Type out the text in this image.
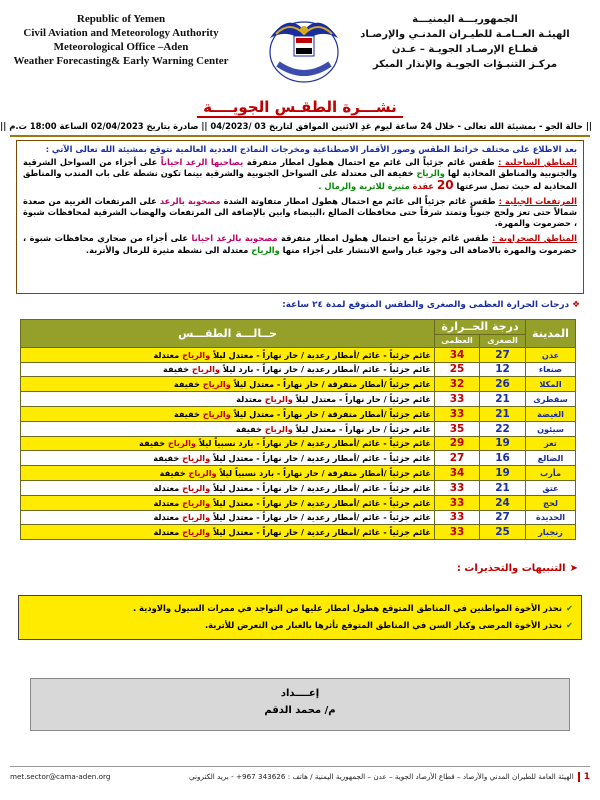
Republic of Yemen
Civil Aviation and Meteorology Authority
Meteorological Office –Aden
Weather Forecasting& Early Warning Center
الجمهوريـــة اليمنيـــة
الهيئـة العــامـة للطيـران المدنـي والإرصـاد
قطـاع الإرصـاد الجويـة – عـدن
مركـز التنبـؤات الجويـة والإنذار المبكر
نشـــرة الطقـس الجويــــة
|| حالة الجو - بمشيئة الله تعالى - خلال 24 ساعة ليوم غدِ الاثنين الموافق لتاريخ 03 /04/2023 || صادرة بتاريخ 02/04/2023 الساعة 18:00 ت.م ||
بعد الاطلاع على مختلف خرائط الطقس وصور الأقمار الاصطناعية ومخرجات النماذج العددية العالمية نتوقع بمشيئة الله تعالى الآتي :

المناطق الساحلية : طقس غائم جزئياً الى غائم مع احتمال هطول امطار متفرقة يصاحبها الرعد احياناً على أجزاء من السواحل الشرقية والجنوبية والمناطق المحاذية لها والرياح خفيفة الى معتدلة على السواحل الجنوبية والشرقية بينما تكون نشطة على باب المندب والمناطق المحاذية له حيث تصل سرعتها 20 عقدة مثيرة للاتربة والرمال .

المرتفعات الجبلية : طقس غائم جزئياً الى غائم مع احتمال هطول امطار متفاوتة الشدة مصحوبة بالرعد على المرتفعات الغربية من صعدة شمالاً حتى تعز ولحج جنوباً وتمتد شرقاً حتى محافظات الضالع ،البيضاء وابين بالإضافة الى المرتفعات والهضاب الشرقية لمحافظات شبوة ، حضرموت والمهرة.

المناطق الصحراوية : طقس غائم جزئياً مع احتمال هطول امطار متفرقة مصحوبة بالرعد احيانا على أجزاء من صحاري محافظات شبوة ، حضرموت والمهرة بالاضافة الى وجود غبار واسع الانتشار على أجزاء منها والرياح معتدلة الى نشطة مثيرة للرمال والأتربة.

❖درجات الحرارة العظمى والصغرى والطقس المتوقع لمدة ٢٤ ساعة:
المدينة	درجة الحــرارة		حــالـــة الطقـــس
	الصغرى	العظمى	
عدن	27	34	غائم جزئياً - غائم /أمطار رعدية / حار نهاراً - معتدل ليلاً والرياح معتدلة
صنعاء	12	25	غائم جزئياً - غائم /أمطار رعدية / حار نهاراً - بارد ليلاً والرياح خفيفة
المكلا	26	32	غائم جزئياً /أمطار متفرقة / حار نهاراً - معتدل ليلاً والرياح خفيفة
سقطرى	21	33	غائم جزئياً / حار نهاراً - معتدل ليلاً والرياح معتدلة
الغيضة	21	33	غائم جزئياً /أمطار متفرقة / حار نهاراً - معتدل ليلاً والرياح خفيفة
سيئون	22	35	غائم جزئياً / حار نهاراً - معتدل ليلاً والرياح خفيفة
تعز	19	29	غائم جزئياً - غائم /أمطار رعدية / حار نهاراً - بارد نسبياً ليلاً والرياح خفيفة
الضالع	16	27	غائم جزئياً - غائم /أمطار رعدية / حار نهاراً - معتدل ليلاً والرياح خفيفة
مأرب	19	34	غائم جزئياً /أمطار متفرقة / حار نهاراً - بارد نسبياً ليلاً والرياح خفيفة
عتق	21	33	غائم جزئياً - غائم /أمطار رعدية / حار نهاراً - معتدل ليلاً والرياح معتدلة
لحج	24	33	غائم جزئياً - غائم /أمطار رعدية / حار نهاراً - معتدل ليلاً والرياح معتدلة
الحديدة	27	33	غائم جزئياً - غائم /أمطار رعدية / حار نهاراً - معتدل ليلاً والرياح معتدلة
زنجبار	25	33	غائم جزئياً - غائم /أمطار رعدية / حار نهاراً - معتدل ليلاً والرياح معتدلة
➤التنبيهات والتحذيرات :
✔نحذر الأخوة المواطنين في المناطق المتوقع هطول امطار عليها من التواجد في ممرات السيول والاودية .
✔نحذر الأخوة المرضى وكبار السن في المناطق المتوقع تأثرها بالغبار من التعرض للأتربة.
إعــــداد
م/ محمد الدقم
1الهيئة العامة للطيران المدني والأرصاد – قطاع الأرصاد الجوية – عدن – الجمهورية اليمنية / هاتف : 343626 967+ - بريد الكتروني
met.sector@cama-aden.org
